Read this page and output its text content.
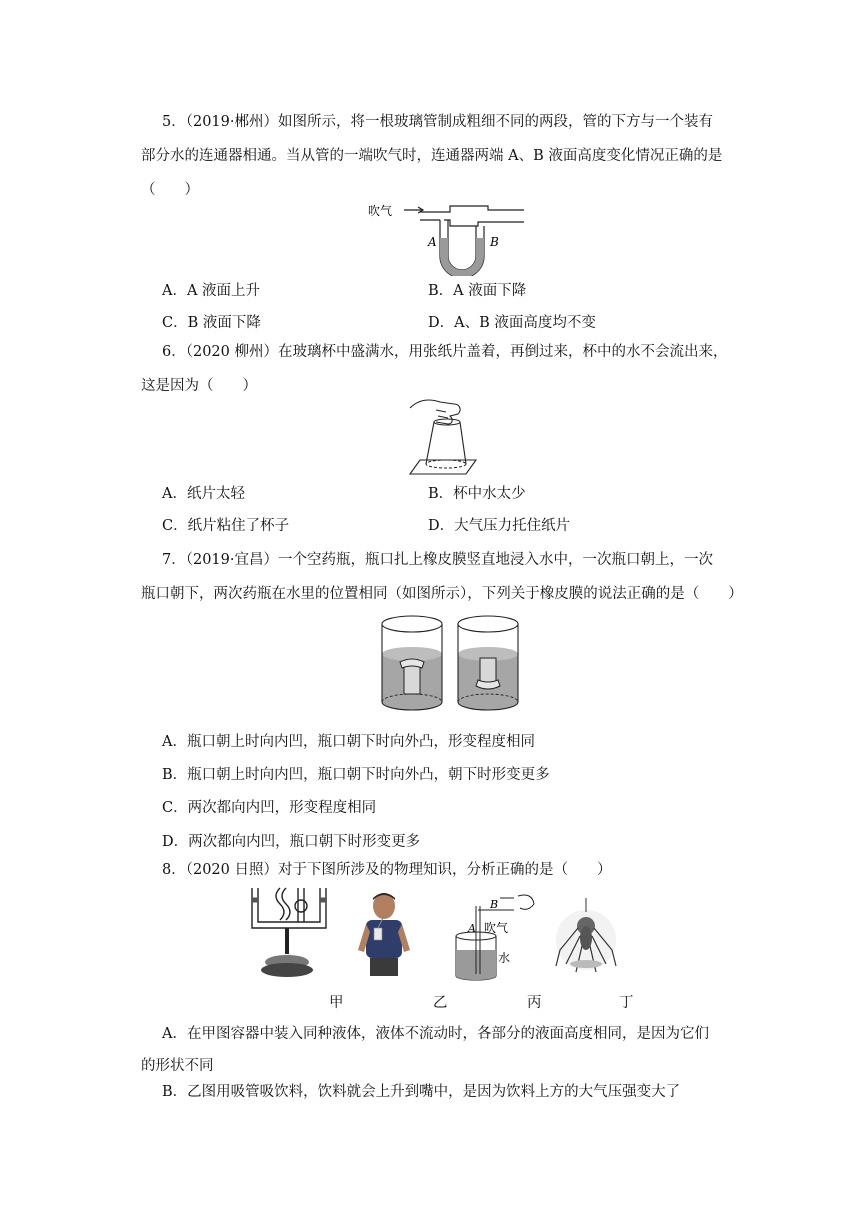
5．（2019·郴州）如图所示，将一根玻璃管制成粗细不同的两段，管的下方与一个装有
部分水的连通器相通。当从管的一端吹气时，连通器两端 A、B 液面高度变化情况正确的是
（　　）
吹气
A	B
A．A 液面上升	B．A 液面下降
C．B 液面下降	D．A、B 液面高度均不变
6．（2020 柳州）在玻璃杯中盛满水，用张纸片盖着，再倒过来，杯中的水不会流出来，
这是因为（　　）
A．纸片太轻	B．杯中水太少
C．纸片粘住了杯子	D．大气压力托住纸片
7．（2019·宜昌）一个空药瓶，瓶口扎上橡皮膜竖直地浸入水中，一次瓶口朝上，一次
瓶口朝下，两次药瓶在水里的位置相同（如图所示），下列关于橡皮膜的说法正确的是（　　）
A．瓶口朝上时向内凹，瓶口朝下时向外凸，形变程度相同
B．瓶口朝上时向内凹，瓶口朝下时向外凸，朝下时形变更多
C．两次都向内凹，形变程度相同
D．两次都向内凹，瓶口朝下时形变更多
8．（2020 日照）对于下图所涉及的物理知识，分析正确的是（　　）
B
A 吹气
水
甲	乙	丙	丁
A．在甲图容器中装入同种液体，液体不流动时，各部分的液面高度相同，是因为它们
的形状不同
B．乙图用吸管吸饮料，饮料就会上升到嘴中，是因为饮料上方的大气压强变大了
